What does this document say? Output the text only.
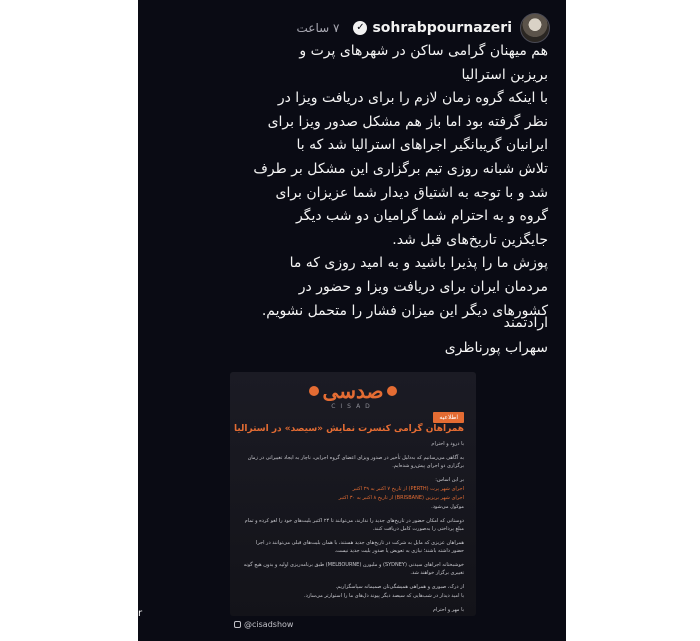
sohrabpournazeri
✓
۷ ساعت

هم میهنان گرامی ساکن در شهرهای پرت و

بریزبن استرالیا

با اینکه گروه زمان لازم را برای دریافت ویزا در

نظر گرفته بود اما باز هم مشکل صدور ویزا برای

ایرانیان گریبانگیر اجراهای استرالیا شد که با

تلاش شبانه روزی تیم برگزاری این مشکل بر طرف

شد و با توجه به اشتیاق دیدار شما عزیزان برای

گروه و به احترام شما گرامیان دو شب دیگر

جایگزین تاریخ‌های قبل شد.

پوزش ما را پذیرا باشید و به امید روزی که ما

مردمان ایران برای دریافت ویزا و حضور در

کشورهای دیگر این میزان فشار را متحمل نشویم.

ارادتمند

سهراب پورناظری

صدسی
CISAD
اطلاعیه
همراهان گرامی کنسرت نمایش «سیصد» در استرالیا

با درود و احترام

به آگاهی می‌رسانیم که به‌دلیل تأخیر در صدور ویزای اعضای گروه اجرایی، ناچار به ایجاد تغییراتی در زمان برگزاری دو اجرای پیش‌رو شده‌ایم.

بر این اساس:

اجرای شهر پرت (PERTH) از تاریخ ۷ اکتبر به ۲۹ اکتبر

اجرای شهر بریزبن (BRISBANE) از تاریخ ۸ اکتبر به ۳۰ اکتبر

موکول می‌شود.

دوستانی که امکان حضور در تاریخ‌های جدید را ندارند، می‌توانند تا ۲۴ اکتبر بلیت‌های خود را لغو کرده و تمام مبلغ پرداختی را به‌صورت کامل دریافت کنند.

همراهان عزیزی که مایل به شرکت در تاریخ‌های جدید هستند، با همان بلیت‌های قبلی می‌توانند در اجرا حضور داشته باشند؛ نیازی به تعویض یا صدور بلیت جدید نیست.

خوشبختانه اجراهای سیدنی (SYDNEY) و ملبورن (MELBOURNE) طبق برنامه‌ریزی اولیه و بدون هیچ گونه تغییری برگزار خواهند شد.

از درک، صبوری و همراهی همیشگی‌تان صمیمانه سپاسگزاریم.

با امید دیدار در شب‌هایی که سیصد دیگر پیوند دل‌های ما را استوارتر می‌سازد.

با مهر و احترام

@cisadshow
gidat .ir
مقاله فارسی / فروشگاه دیجیتال
